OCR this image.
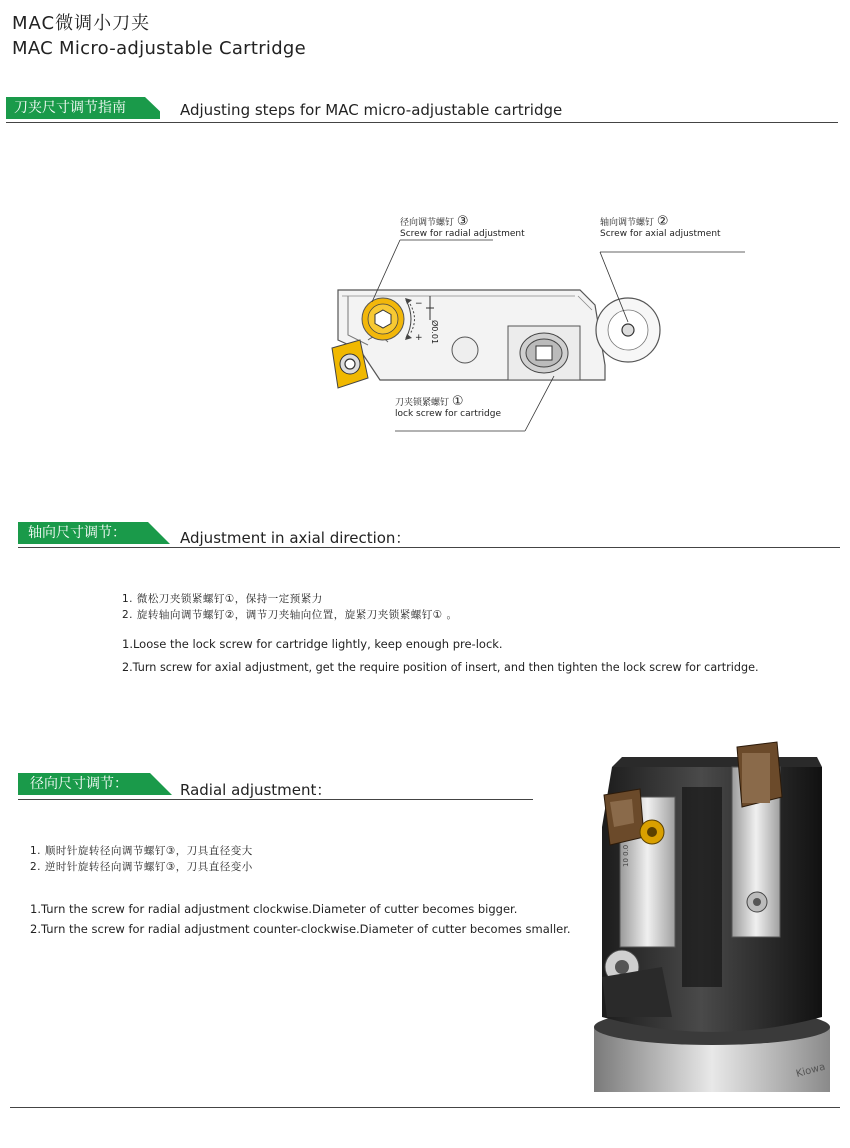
MAC微调小刀夹
MAC Micro-adjustable Cartridge
刀夹尺寸调节指南	Adjusting steps for MAC micro-adjustable cartridge
−
+ Ø0.01
径向调节螺钉 ③
Screw for radial adjustment
轴向调节螺钉 ②
Screw for axial adjustment
刀夹锁紧螺钉 ①
lock screw for cartridge
轴向尺寸调节：	Adjustment in axial direction：
1. 微松刀夹锁紧螺钉①，保持一定预紧力
2. 旋转轴向调节螺钉②，调节刀夹轴向位置，旋紧刀夹锁紧螺钉① 。
1.Loose the lock screw for cartridge lightly, keep enough pre-lock.
2.Turn screw for axial adjustment, get the require position of insert, and then tighten the lock screw for cartridge.
径向尺寸调节：	Radial adjustment：
1. 顺时针旋转径向调节螺钉③，刀具直径变大
2. 逆时针旋转径向调节螺钉③，刀具直径变小
1.Turn the screw for radial adjustment clockwise.Diameter of cutter becomes bigger.
2.Turn the screw for radial adjustment counter-clockwise.Diameter of cutter becomes smaller.
Kiowa
10 0.0
